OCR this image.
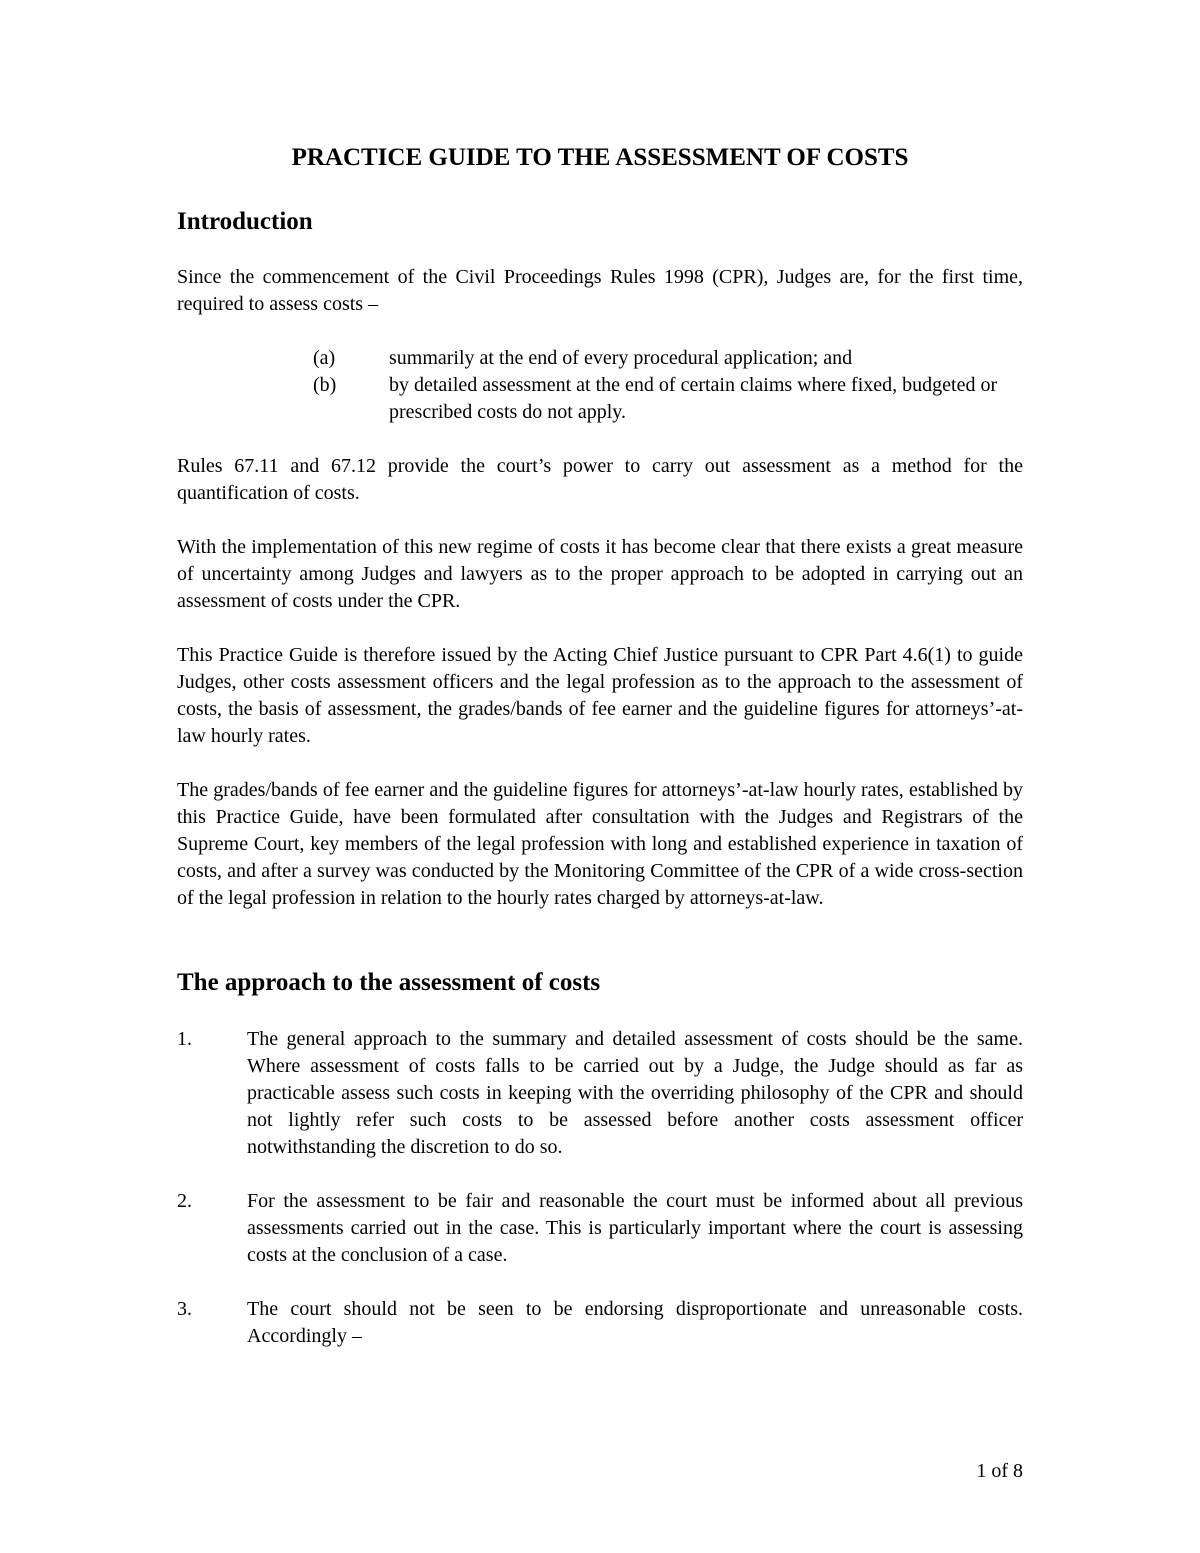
PRACTICE GUIDE TO THE ASSESSMENT OF COSTS
Introduction

Since the commencement of the Civil Proceedings Rules 1998 (CPR), Judges are, for the first time, required to assess costs –

(a)	summarily at the end of every procedural application; and
(b)	by detailed assessment at the end of certain claims where fixed, budgeted or prescribed costs do not apply.

Rules 67.11 and 67.12 provide the court’s power to carry out assessment as a method for the quantification of costs.

With the implementation of this new regime of costs it has become clear that there exists a great measure of uncertainty among Judges and lawyers as to the proper approach to be adopted in carrying out an assessment of costs under the CPR.

This Practice Guide is therefore issued by the Acting Chief Justice pursuant to CPR Part 4.6(1) to guide Judges, other costs assessment officers and the legal profession as to the approach to the assessment of costs, the basis of assessment, the grades/bands of fee earner and the guideline figures for attorneys’-at-law hourly rates.

The grades/bands of fee earner and the guideline figures for attorneys’-at-law hourly rates, established by this Practice Guide, have been formulated after consultation with the Judges and Registrars of the Supreme Court, key members of the legal profession with long and established experience in taxation of costs, and after a survey was conducted by the Monitoring Committee of the CPR of a wide cross-section of the legal profession in relation to the hourly rates charged by attorneys-at-law.

The approach to the assessment of costs
1.	The general approach to the summary and detailed assessment of costs should be the same. Where assessment of costs falls to be carried out by a Judge, the Judge should as far as practicable assess such costs in keeping with the overriding philosophy of the CPR and should not lightly refer such costs to be assessed before another costs assessment officer notwithstanding the discretion to do so.
2.	For the assessment to be fair and reasonable the court must be informed about all previous assessments carried out in the case. This is particularly important where the court is assessing costs at the conclusion of a case.
3.	The court should not be seen to be endorsing disproportionate and unreasonable costs. Accordingly –
1 of 8
